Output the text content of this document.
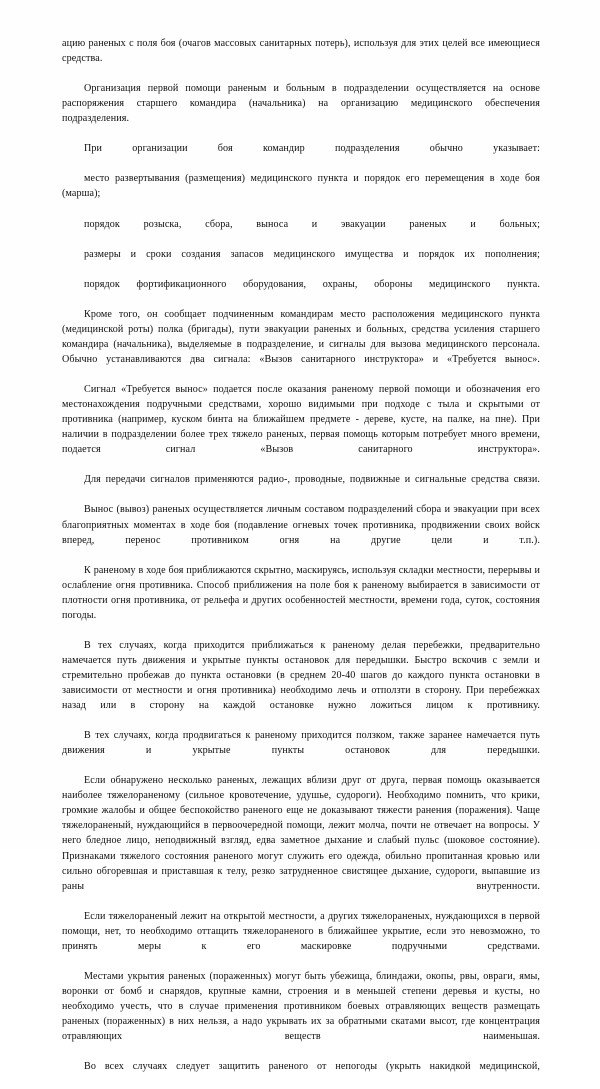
ацию раненых с поля боя (очагов массовых санитарных потерь), используя для этих целей все имеющиеся средства.

Организация первой помощи раненым и больным в подразделении осуществляется на основе распоряжения старшего командира (начальника) на организацию медицинского обеспечения подразделения.

При организации боя командир подразделения обычно указывает:

место развертывания (размещения) медицинского пункта и порядок его перемещения в ходе боя (марша);

порядок розыска, сбора, выноса и эвакуации раненых и больных;

размеры и сроки создания запасов медицинского имущества и порядок их пополнения;

порядок фортификационного оборудования, охраны, обороны медицинского пункта.

Кроме того, он сообщает подчиненным командирам место расположения медицинского пункта (медицинской роты) полка (бригады), пути эвакуации раненых и больных, средства усиления старшего командира (начальника), выделяемые в подразделение, и сигналы для вызова медицинского персонала. Обычно устанавливаются два сигнала: «Вызов санитарного инструктора» и «Требуется вынос».

Сигнал «Требуется вынос» подается после оказания раненому первой помощи и обозначения его местонахождения подручными средствами, хорошо видимыми при подходе с тыла и скрытыми от противника (например, куском бинта на ближайшем предмете - дереве, кусте, на палке, на пне). При наличии в подразделении более трех тяжело раненых, первая помощь которым потребует много времени, подается сигнал «Вызов санитарного инструктора».

Для передачи сигналов применяются радио-, проводные, подвижные и сигнальные средства связи.

Вынос (вывоз) раненых осуществляется личным составом подразделений сбора и эвакуации при всех благоприятных моментах в ходе боя (подавление огневых точек противника, продвижении своих войск вперед, перенос противником огня на другие цели и т.п.).

К раненому в ходе боя приближаются скрытно, маскируясь, используя складки местности, перерывы и ослабление огня противника. Способ приближения на поле боя к раненому выбирается в зависимости от плотности огня противника, от рельефа и других особенностей местности, времени года, суток, состояния погоды.

В тех случаях, когда приходится приближаться к раненому делая перебежки, предварительно намечается путь движения и укрытые пункты остановок для передышки. Быстро вскочив с земли и стремительно пробежав до пункта остановки (в среднем 20-40 шагов до каждого пункта остановки в зависимости от местности и огня противника) необходимо лечь и отползти в сторону. При перебежках назад или в сторону на каждой остановке нужно ложиться лицом к противнику.

В тех случаях, когда продвигаться к раненому приходится ползком, также заранее намечается путь движения и укрытые пункты остановок для передышки.

Если обнаружено несколько раненых, лежащих вблизи друг от друга, первая помощь оказывается наиболее тяжелораненому (сильное кровотечение, удушье, судороги). Необходимо помнить, что крики, громкие жалобы и общее беспокойство раненого еще не доказывают тяжести ранения (поражения). Чаще тяжелораненый, нуждающийся в первоочередной помощи, лежит молча, почти не отвечает на вопросы. У него бледное лицо, неподвижный взгляд, едва заметное дыхание и слабый пульс (шоковое состояние). Признаками тяжелого состояния раненого могут служить его одежда, обильно пропитанная кровью или сильно обгоревшая и приставшая к телу, резко затрудненное свистящее дыхание, судороги, выпавшие из раны внутренности.

Если тяжелораненый лежит на открытой местности, а других тяжелораненых, нуждающихся в первой помощи, нет, то необходимо оттащить тяжелораненого в ближайшее укрытие, если это невозможно, то принять меры к его маскировке подручными средствами.

Местами укрытия раненых (пораженных) могут быть убежища, блиндажи, окопы, рвы, овраги, ямы, воронки от бомб и снарядов, крупные камни, строения и в меньшей степени деревья и кусты, но необходимо учесть, что в случае применения противником боевых отравляющих веществ размещать раненых (пораженных) в них нельзя, а надо укрывать их за обратными скатами высот, где концентрация отравляющих веществ наименьшая.

Во всех случаях следует защитить раненого от непогоды (укрыть накидкой медицинской,
